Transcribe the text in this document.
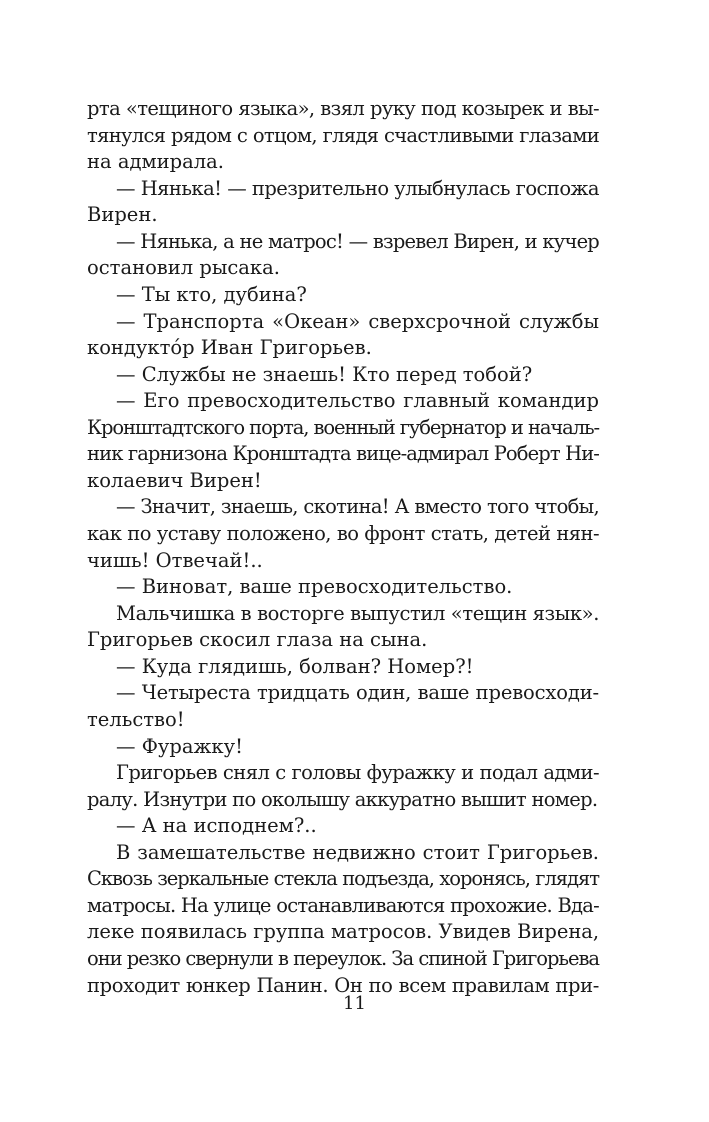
рта «тещиного языка», взял руку под козырек и вы-
тянулся рядом с отцом, глядя счастливыми глазами
на адмирала.
— Нянька! — презрительно улыбнулась госпожа
Вирен.
— Нянька, а не матрос! — взревел Вирен, и кучер
остановил рысака.
— Ты кто, дубина?
— Транспорта «Океан» сверхсрочной службы
кондуктóр Иван Григорьев.
— Службы не знаешь! Кто перед тобой?
— Его превосходительство главный командир
Кронштадтского порта, военный губернатор и началь-
ник гарнизона Кронштадта вице-адмирал Роберт Ни-
колаевич Вирен!
— Значит, знаешь, скотина! А вместо того чтобы,
как по уставу положено, во фронт стать, детей нян-
чишь! Отвечай!..
— Виноват, ваше превосходительство.
Мальчишка в восторге выпустил «тещин язык».
Григорьев скосил глаза на сына.
— Куда глядишь, болван? Номер?!
— Четыреста тридцать один, ваше превосходи-
тельство!
— Фуражку!
Григорьев снял с головы фуражку и подал адми-
ралу. Изнутри по околышу аккуратно вышит номер.
— А на исподнем?..
В замешательстве недвижно стоит Григорьев.
Сквозь зеркальные стекла подъезда, хоронясь, глядят
матросы. На улице останавливаются прохожие. Вда-
леке появилась группа матросов. Увидев Вирена,
они резко свернули в переулок. За спиной Григорьева
проходит юнкер Панин. Он по всем правилам при-
11
